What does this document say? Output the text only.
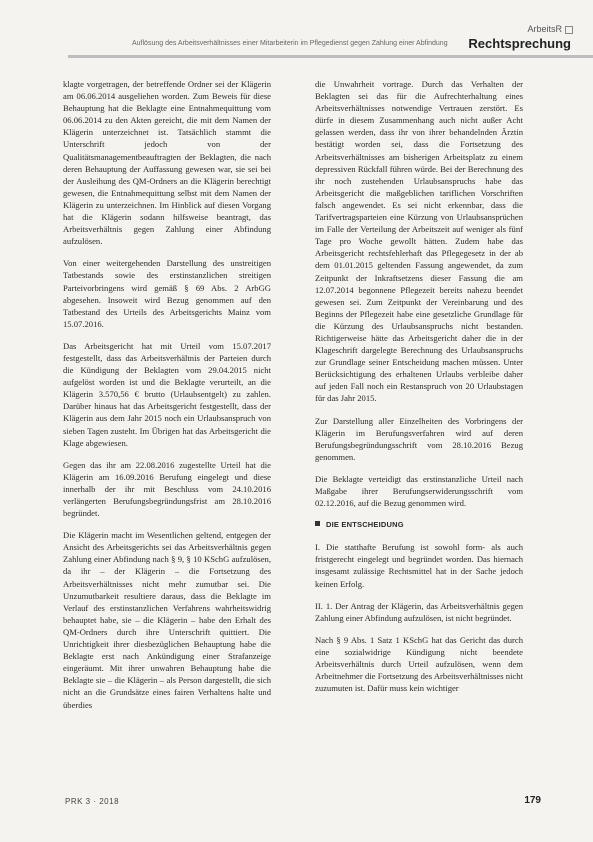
ArbeitsR
Auflösung des Arbeitsverhältnisses einer Mitarbeiterin im Pflegedienst gegen Zahlung einer Abfindung Rechtsprechung

klagte vorgetragen, der betreffende Ordner sei der Klägerin am 06.06.2014 ausgeliehen worden. Zum Beweis für diese Behauptung hat die Beklagte eine Entnahmequittung vom 06.06.2014 zu den Akten gereicht, die mit dem Namen der Klägerin unterzeichnet ist. Tatsächlich stammt die Unterschrift jedoch von der Qualitätsmanagementbeauftragten der Beklagten, die nach deren Behauptung der Auffassung gewesen war, sie sei bei der Ausleihung des QM-Ordners an die Klägerin berechtigt gewesen, die Entnahmequittung selbst mit dem Namen der Klägerin zu unterzeichnen. Im Hinblick auf diesen Vorgang hat die Klägerin sodann hilfsweise beantragt, das Arbeitsverhältnis gegen Zahlung einer Abfindung aufzulösen.

Von einer weitergehenden Darstellung des unstreitigen Tatbestands sowie des erstinstanzlichen streitigen Parteivorbringens wird gemäß § 69 Abs. 2 ArbGG abgesehen. Insoweit wird Bezug genommen auf den Tatbestand des Urteils des Arbeitsgerichts Mainz vom 15.07.2016.

Das Arbeitsgericht hat mit Urteil vom 15.07.2017 festgestellt, dass das Arbeitsverhältnis der Parteien durch die Kündigung der Beklagten vom 29.04.2015 nicht aufgelöst worden ist und die Beklagte verurteilt, an die Klägerin 3.570,56 € brutto (Urlaubsentgelt) zu zahlen. Darüber hinaus hat das Arbeitsgericht festgestellt, dass der Klägerin aus dem Jahr 2015 noch ein Urlaubsanspruch von sieben Tagen zusteht. Im Übrigen hat das Arbeitsgericht die Klage abgewiesen.

Gegen das ihr am 22.08.2016 zugestellte Urteil hat die Klägerin am 16.09.2016 Berufung eingelegt und diese innerhalb der ihr mit Beschluss vom 24.10.2016 verlängerten Berufungsbegründungsfrist am 28.10.2016 begründet.

Die Klägerin macht im Wesentlichen geltend, entgegen der Ansicht des Arbeitsgerichts sei das Arbeitsverhältnis gegen Zahlung einer Abfindung nach § 9, § 10 KSchG aufzulösen, da ihr – der Klägerin – die Fortsetzung des Arbeitsverhältnisses nicht mehr zumutbar sei. Die Unzumutbarkeit resultiere daraus, dass die Beklagte im Verlauf des erstinstanzlichen Verfahrens wahrheitswidrig behauptet habe, sie – die Klägerin – habe den Erhalt des QM-Ordners durch ihre Unterschrift quittiert. Die Unrichtigkeit ihrer diesbezüglichen Behauptung habe die Beklagte erst nach Ankündigung einer Strafanzeige eingeräumt. Mit ihrer unwahren Behauptung habe die Beklagte sie – die Klägerin – als Person dargestellt, die sich nicht an die Grundsätze eines fairen Verhaltens halte und überdies

die Unwahrheit vortrage. Durch das Verhalten der Beklagten sei das für die Aufrechterhaltung eines Arbeitsverhältnisses notwendige Vertrauen zerstört. Es dürfe in diesem Zusammenhang auch nicht außer Acht gelassen werden, dass ihr von ihrer behandelnden Ärztin bestätigt worden sei, dass die Fortsetzung des Arbeitsverhältnisses am bisherigen Arbeitsplatz zu einem depressiven Rückfall führen würde. Bei der Berechnung des ihr noch zustehenden Urlaubsanspruchs habe das Arbeitsgericht die maßgeblichen tariflichen Vorschriften falsch angewendet. Es sei nicht erkennbar, dass die Tarifvertragsparteien eine Kürzung von Urlaubsansprüchen im Falle der Verteilung der Arbeitszeit auf weniger als fünf Tage pro Woche gewollt hätten. Zudem habe das Arbeitsgericht rechtsfehlerhaft das Pflegegesetz in der ab dem 01.01.2015 geltenden Fassung angewendet, da zum Zeitpunkt der Inkraftsetzens dieser Fassung die am 12.07.2014 begonnene Pflegezeit bereits nahezu beendet gewesen sei. Zum Zeitpunkt der Vereinbarung und des Beginns der Pflegezeit habe eine gesetzliche Grundlage für die Kürzung des Urlaubsanspruchs nicht bestanden. Richtigerweise hätte das Arbeitsgericht daher die in der Klageschrift dargelegte Berechnung des Urlaubsanspruchs zur Grundlage seiner Entscheidung machen müssen. Unter Berücksichtigung des erhaltenen Urlaubs verbleibe daher auf jeden Fall noch ein Restanspruch von 20 Urlaubstagen für das Jahr 2015.

Zur Darstellung aller Einzelheiten des Vorbringens der Klägerin im Berufungsverfahren wird auf deren Berufungsbegründungsschrift vom 28.10.2016 Bezug genommen.

Die Beklagte verteidigt das erstinstanzliche Urteil nach Maßgabe ihrer Berufungserwiderungsschrift vom 02.12.2016, auf die Bezug genommen wird.

DIE ENTSCHEIDUNG

I. Die statthafte Berufung ist sowohl form- als auch fristgerecht eingelegt und begründet worden. Das hiernach insgesamt zulässige Rechtsmittel hat in der Sache jedoch keinen Erfolg.

II. 1. Der Antrag der Klägerin, das Arbeitsverhältnis gegen Zahlung einer Abfindung aufzulösen, ist nicht begründet.

Nach § 9 Abs. 1 Satz 1 KSchG hat das Gericht das durch eine sozialwidrige Kündigung nicht beendete Arbeitsverhältnis durch Urteil aufzulösen, wenn dem Arbeitnehmer die Fortsetzung des Arbeitsverhältnisses nicht zuzumuten ist. Dafür muss kein wichtiger

PRK 3 · 2018	179
